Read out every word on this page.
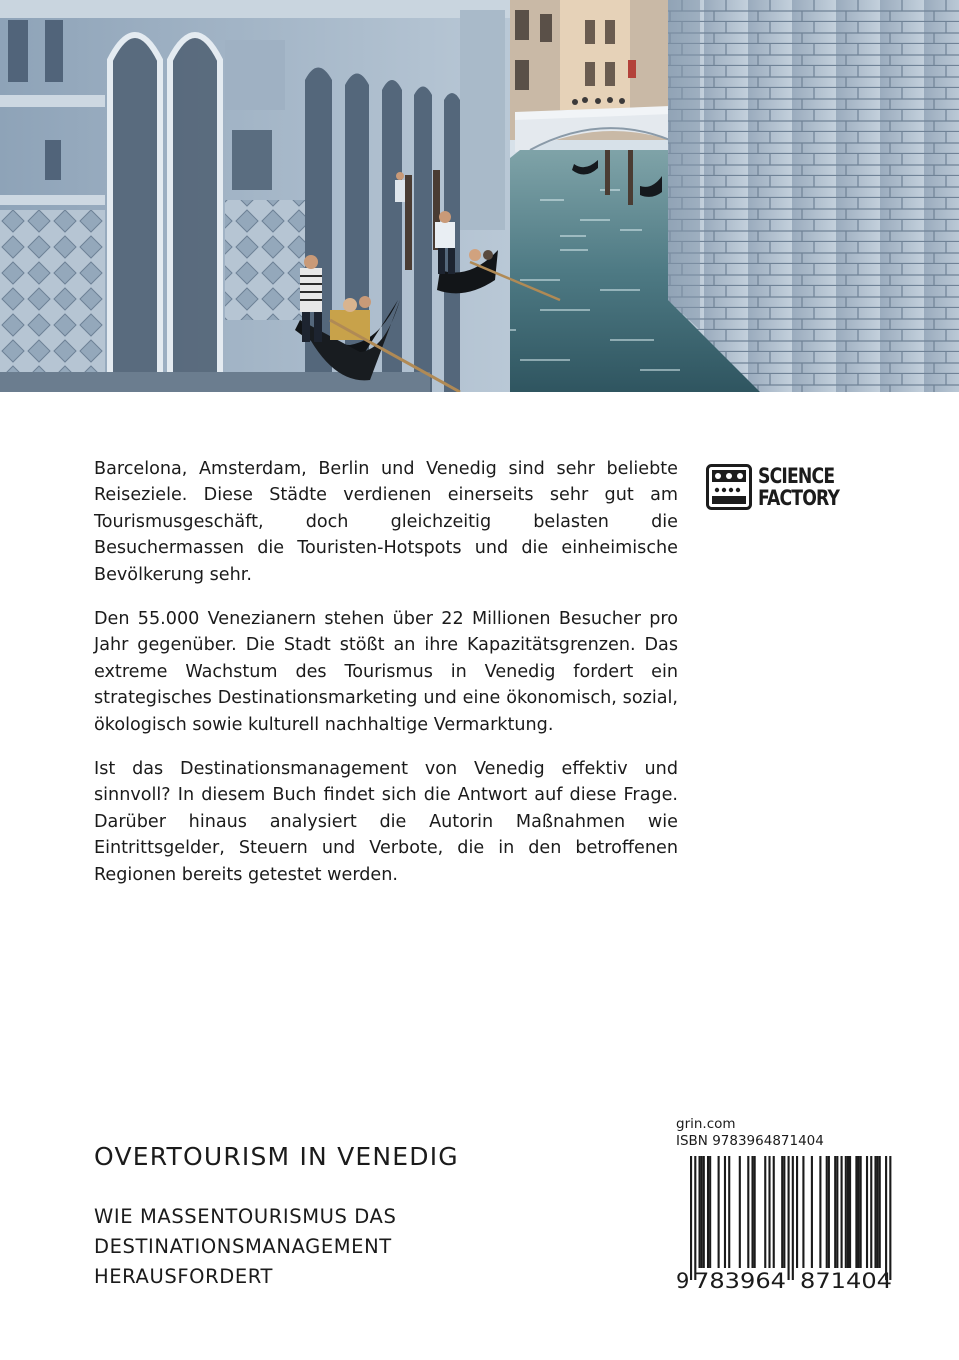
Barcelona, Amsterdam, Berlin und Venedig sind sehr beliebte Reiseziele. Diese Städte verdienen einerseits sehr gut am Tourismusgeschäft, doch gleichzeitig belasten die Besuchermassen die Touristen-Hotspots und die einheimische Bevölkerung sehr.

Den 55.000 Venezianern stehen über 22 Millionen Besucher pro Jahr gegenüber. Die Stadt stößt an ihre Kapazitätsgrenzen. Das extreme Wachstum des Tourismus in Venedig fordert ein strategisches Destinationsmarketing und eine ökonomisch, sozial, ökologisch sowie kulturell nachhaltige Vermarktung.

Ist das Destinationsmanagement von Venedig effektiv und sinnvoll? In diesem Buch findet sich die Antwort auf diese Frage. Darüber hinaus analysiert die Autorin Maßnahmen wie Eintrittsgelder, Steuern und Verbote, die in den betroffenen Regionen bereits getestet werden.

SCIENCE
FACTORY
OVERTOURISM IN VENEDIG
WIE MASSENTOURISMUS DAS DESTINATIONSMANAGEMENT HERAUSFORDERT
grin.com
ISBN 9783964871404
9 783964 871404
